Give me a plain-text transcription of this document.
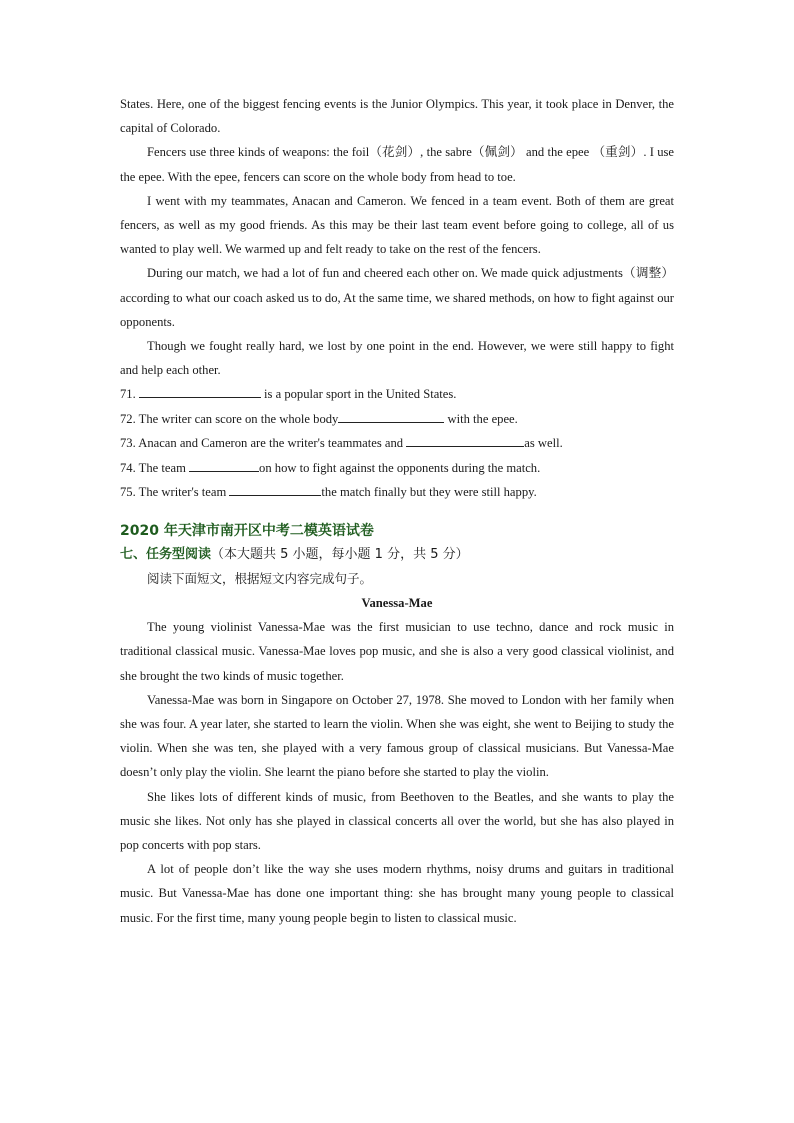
States. Here, one of the biggest fencing events is the Junior Olympics. This year, it took place in Denver, the capital of Colorado.

Fencers use three kinds of weapons: the foil（花剑）, the sabre（佩剑） and the epee （重剑）. I use the epee. With the epee, fencers can score on the whole body from head to toe.

I went with my teammates, Anacan and Cameron. We fenced in a team event. Both of them are great fencers, as well as my good friends. As this may be their last team event before going to college, all of us wanted to play well. We warmed up and felt ready to take on the rest of the fencers.

During our match, we had a lot of fun and cheered each other on. We made quick adjustments（调整） according to what our coach asked us to do, At the same time, we shared methods, on how to fight against our opponents.

Though we fought really hard, we lost by one point in the end. However, we were still happy to fight and help each other.

71.	is a popular sport in the United States.
72. The writer can score on the whole body	with the epee.
73. Anacan and Cameron are the writer's teammates and	as well.
74. The team	on how to fight against the opponents during the match.
75. The writer's team	the match finally but they were still happy.
2020 年天津市南开区中考二模英语试卷
七、任务型阅读（本大题共 5 小题，每小题 1 分，共 5 分）

阅读下面短文，根据短文内容完成句子。

Vanessa-Mae

The young violinist Vanessa-Mae was the first musician to use techno, dance and rock music in traditional classical music. Vanessa-Mae loves pop music, and she is also a very good classical violinist, and she brought the two kinds of music together.

Vanessa-Mae was born in Singapore on October 27, 1978. She moved to London with her family when she was four. A year later, she started to learn the violin. When she was eight, she went to Beijing to study the violin. When she was ten, she played with a very famous group of classical musicians. But Vanessa-Mae doesn’t only play the violin. She learnt the piano before she started to play the violin.

She likes lots of different kinds of music, from Beethoven to the Beatles, and she wants to play the music she likes. Not only has she played in classical concerts all over the world, but she has also played in pop concerts with pop stars.

A lot of people don’t like the way she uses modern rhythms, noisy drums and guitars in traditional music. But Vanessa-Mae has done one important thing: she has brought many young people to classical music. For the first time, many young people begin to listen to classical music.
